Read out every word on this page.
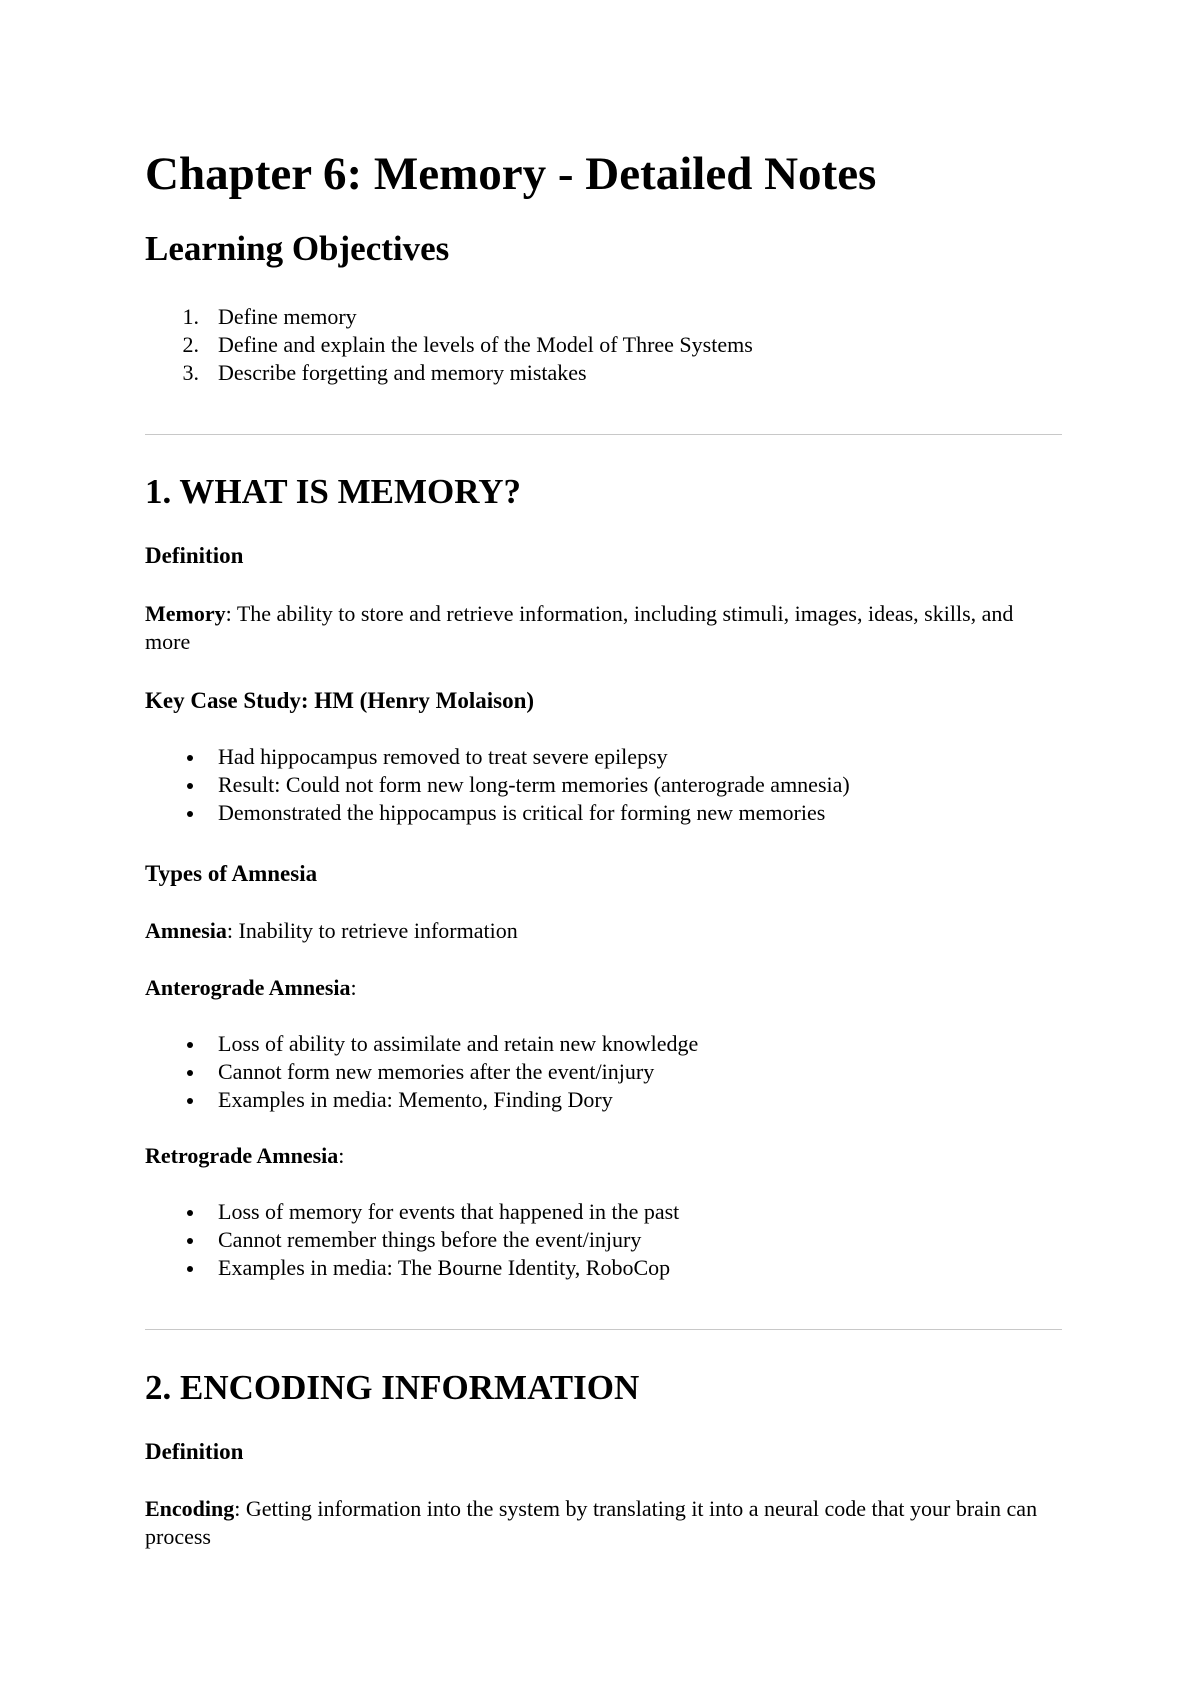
Chapter 6: Memory - Detailed Notes
Learning Objectives
1. Define memory
2. Define and explain the levels of the Model of Three Systems
3. Describe forgetting and memory mistakes
1. WHAT IS MEMORY?
Definition
Memory: The ability to store and retrieve information, including stimuli, images, ideas, skills, and more
Key Case Study: HM (Henry Molaison)
Had hippocampus removed to treat severe epilepsy
Result: Could not form new long-term memories (anterograde amnesia)
Demonstrated the hippocampus is critical for forming new memories
Types of Amnesia
Amnesia: Inability to retrieve information
Anterograde Amnesia:
Loss of ability to assimilate and retain new knowledge
Cannot form new memories after the event/injury
Examples in media: Memento, Finding Dory
Retrograde Amnesia:
Loss of memory for events that happened in the past
Cannot remember things before the event/injury
Examples in media: The Bourne Identity, RoboCop
2. ENCODING INFORMATION
Definition
Encoding: Getting information into the system by translating it into a neural code that your brain can process
